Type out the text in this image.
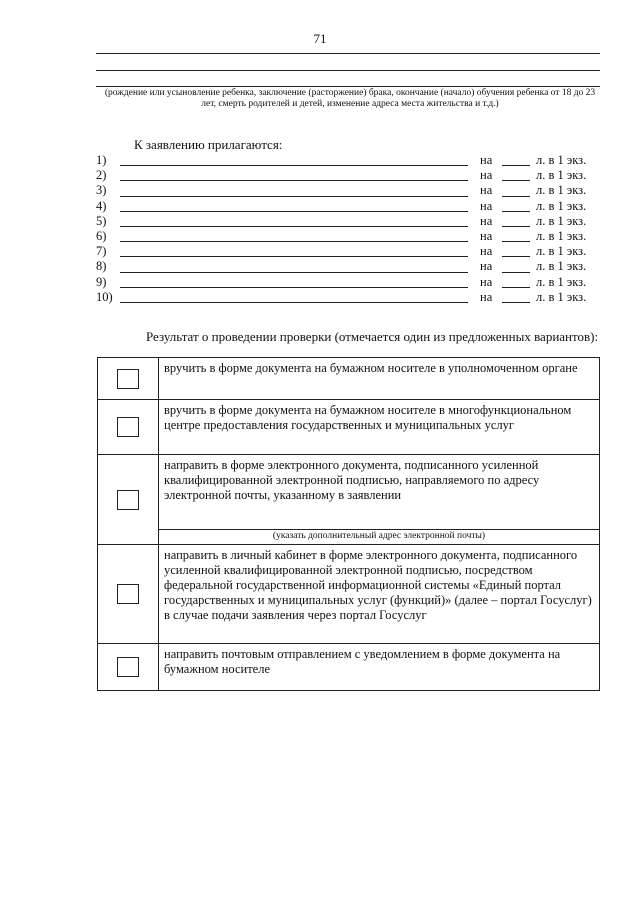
71
(рождение или усыновление ребенка, заключение (расторжение) брака, окончание (начало) обучения ребенка от 18 до 23 лет, смерть родителей и детей, изменение адреса места жительства и т.д.)
К заявлению прилагаются:
1)	на	л. в 1 экз.
2)	на	л. в 1 экз.
3)	на	л. в 1 экз.
4)	на	л. в 1 экз.
5)	на	л. в 1 экз.
6)	на	л. в 1 экз.
7)	на	л. в 1 экз.
8)	на	л. в 1 экз.
9)	на	л. в 1 экз.
10)	на	л. в 1 экз.
Результат о проведении проверки (отмечается один из предложенных вариантов):
	вручить в форме документа на бумажном носителе в уполномоченном органе

	вручить в форме документа на бумажном носителе в многофункциональном центре предоставления государственных и муниципальных услуг

	направить в форме электронного документа, подписанного усиленной квалифицированной электронной подписью, направляемого по адресу электронной почты, указанному в заявлении
	(указать дополнительный адрес электронной почты)

	направить в личный кабинет в форме электронного документа, подписанного усиленной квалифицированной электронной подписью, посредством федеральной государственной информационной системы «Единый портал государственных и муниципальных услуг (функций)» (далее – портал Госуслуг) в случае подачи заявления через портал Госуслуг

	направить почтовым отправлением с уведомлением в форме документа на бумажном носителе
